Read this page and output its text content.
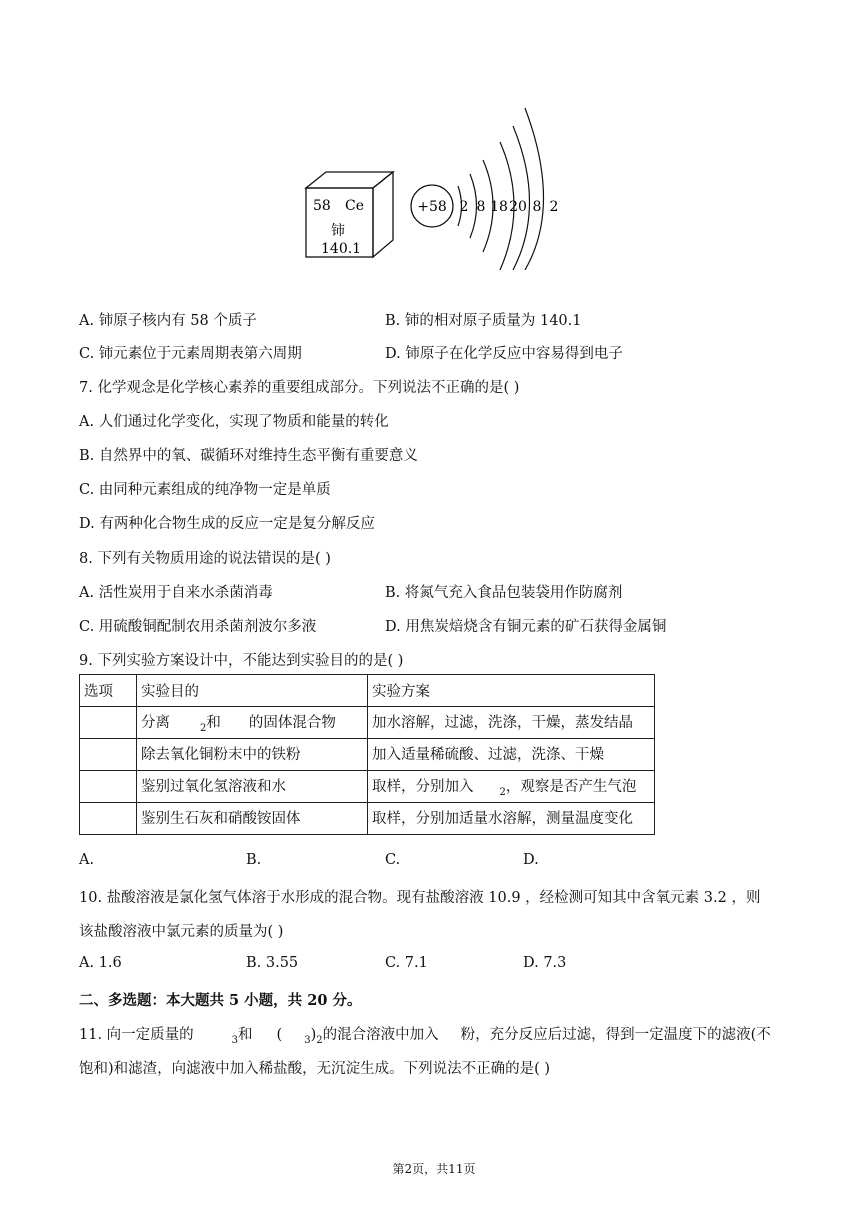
58 Ce
铈
140.1
+58 2 8 18 20 8 2
A. 铈原子核内有 58 个质子	B. 铈的相对原子质量为 140.1
C. 铈元素位于元素周期表第六周期	D. 铈原子在化学反应中容易得到电子
7. 化学观念是化学核心素养的重要组成部分。下列说法不正确的是( )
A. 人们通过化学变化，实现了物质和能量的转化
B. 自然界中的氧、碳循环对维持生态平衡有重要意义
C. 由同种元素组成的纯净物一定是单质
D. 有两种化合物生成的反应一定是复分解反应
8. 下列有关物质用途的说法错误的是( )
A. 活性炭用于自来水杀菌消毒	B. 将氮气充入食品包装袋用作防腐剂
C. 用硫酸铜配制农用杀菌剂波尔多液	D. 用焦炭焙烧含有铜元素的矿石获得金属铜
9. 下列实验方案设计中，不能达到实验目的的是( )
选项	实验目的	实验方案
	分离 $_2$和 的固体混合物	加水溶解，过滤，洗涤，干燥，蒸发结晶
	除去氧化铜粉末中的铁粉	加入适量稀硫酸、过滤，洗涤、干燥
	鉴别过氧化氢溶液和水	取样，分别加入 $_2$，观察是否产生气泡
	鉴别生石灰和硝酸铵固体	取样，分别加适量水溶解，测量温度变化
A.	B.	C.	D.
10. 盐酸溶液是氯化氢气体溶于水形成的混合物。现有盐酸溶液 10.9 ，经检测可知其中含氧元素 3.2 ，则
该盐酸溶液中氯元素的质量为( )
A. 1.6	B. 3.55	C. 7.1	D. 7.3
二、多选题：本大题共 5 小题，共 20 分。
11. 向一定质量的	$_3$和 ( $_3)_2$的混合溶液中加入 粉，充分反应后过滤，得到一定温度下的滤液(不
饱和)和滤渣，向滤液中加入稀盐酸，无沉淀生成。下列说法不正确的是( )
第2页，共11页
